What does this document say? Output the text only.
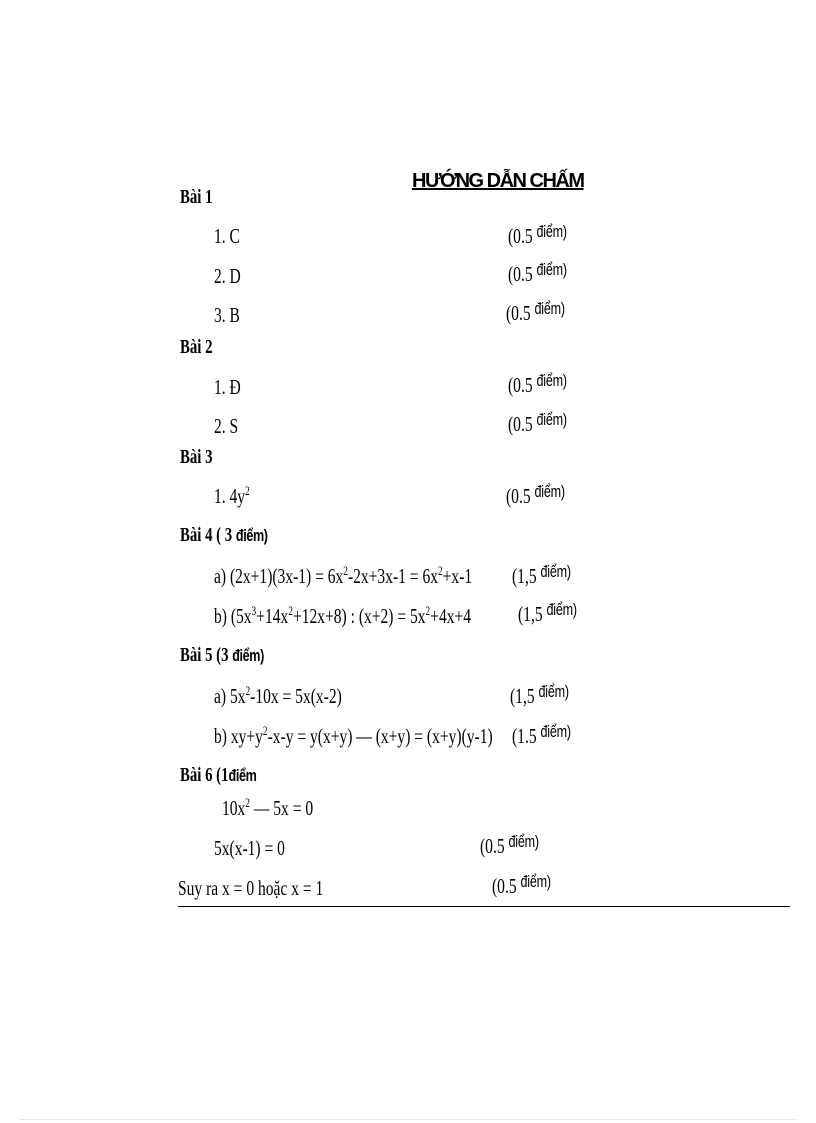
HƯỚNG DẪN CHẤM
Bài 1
1. C	(0.5 $^{điểm)}$
2. D	(0.5 $^{điểm)}$
3. B	(0.5 $^{điểm)}$
Bài 2
1. Đ	(0.5 $^{điểm)}$
2. S	(0.5 $^{điểm)}$
Bài 3
1. $4y^2$	(0.5 $^{điểm)}$
Bài 4 ( 3 điểm)
a) $(2x+1)(3x-1) = 6x^2-2x+3x-1 = 6x^2+x-1$	(1,5 $^{điểm)}$
b) $(5x^3+14x^2+12x+8)$ : $(x+2) = 5x^2+4x+4$	(1,5 $^{điểm)}$
Bài 5 (3 điểm)
a) $5x^2-10x = 5x(x-2)$	(1,5 $^{điểm)}$
b) $xy+y^2-x-y = y(x+y)$ — (x+y) = (x+y)(y-1) (1.5 $^{điểm)}$
Bài 6 (1điểm
$10x^2$ — 5x = 0
5x(x-1) = 0	(0.5 $^{điểm)}$
Suy ra x = 0 hoặc x = 1	(0.5 $^{điểm)}$
